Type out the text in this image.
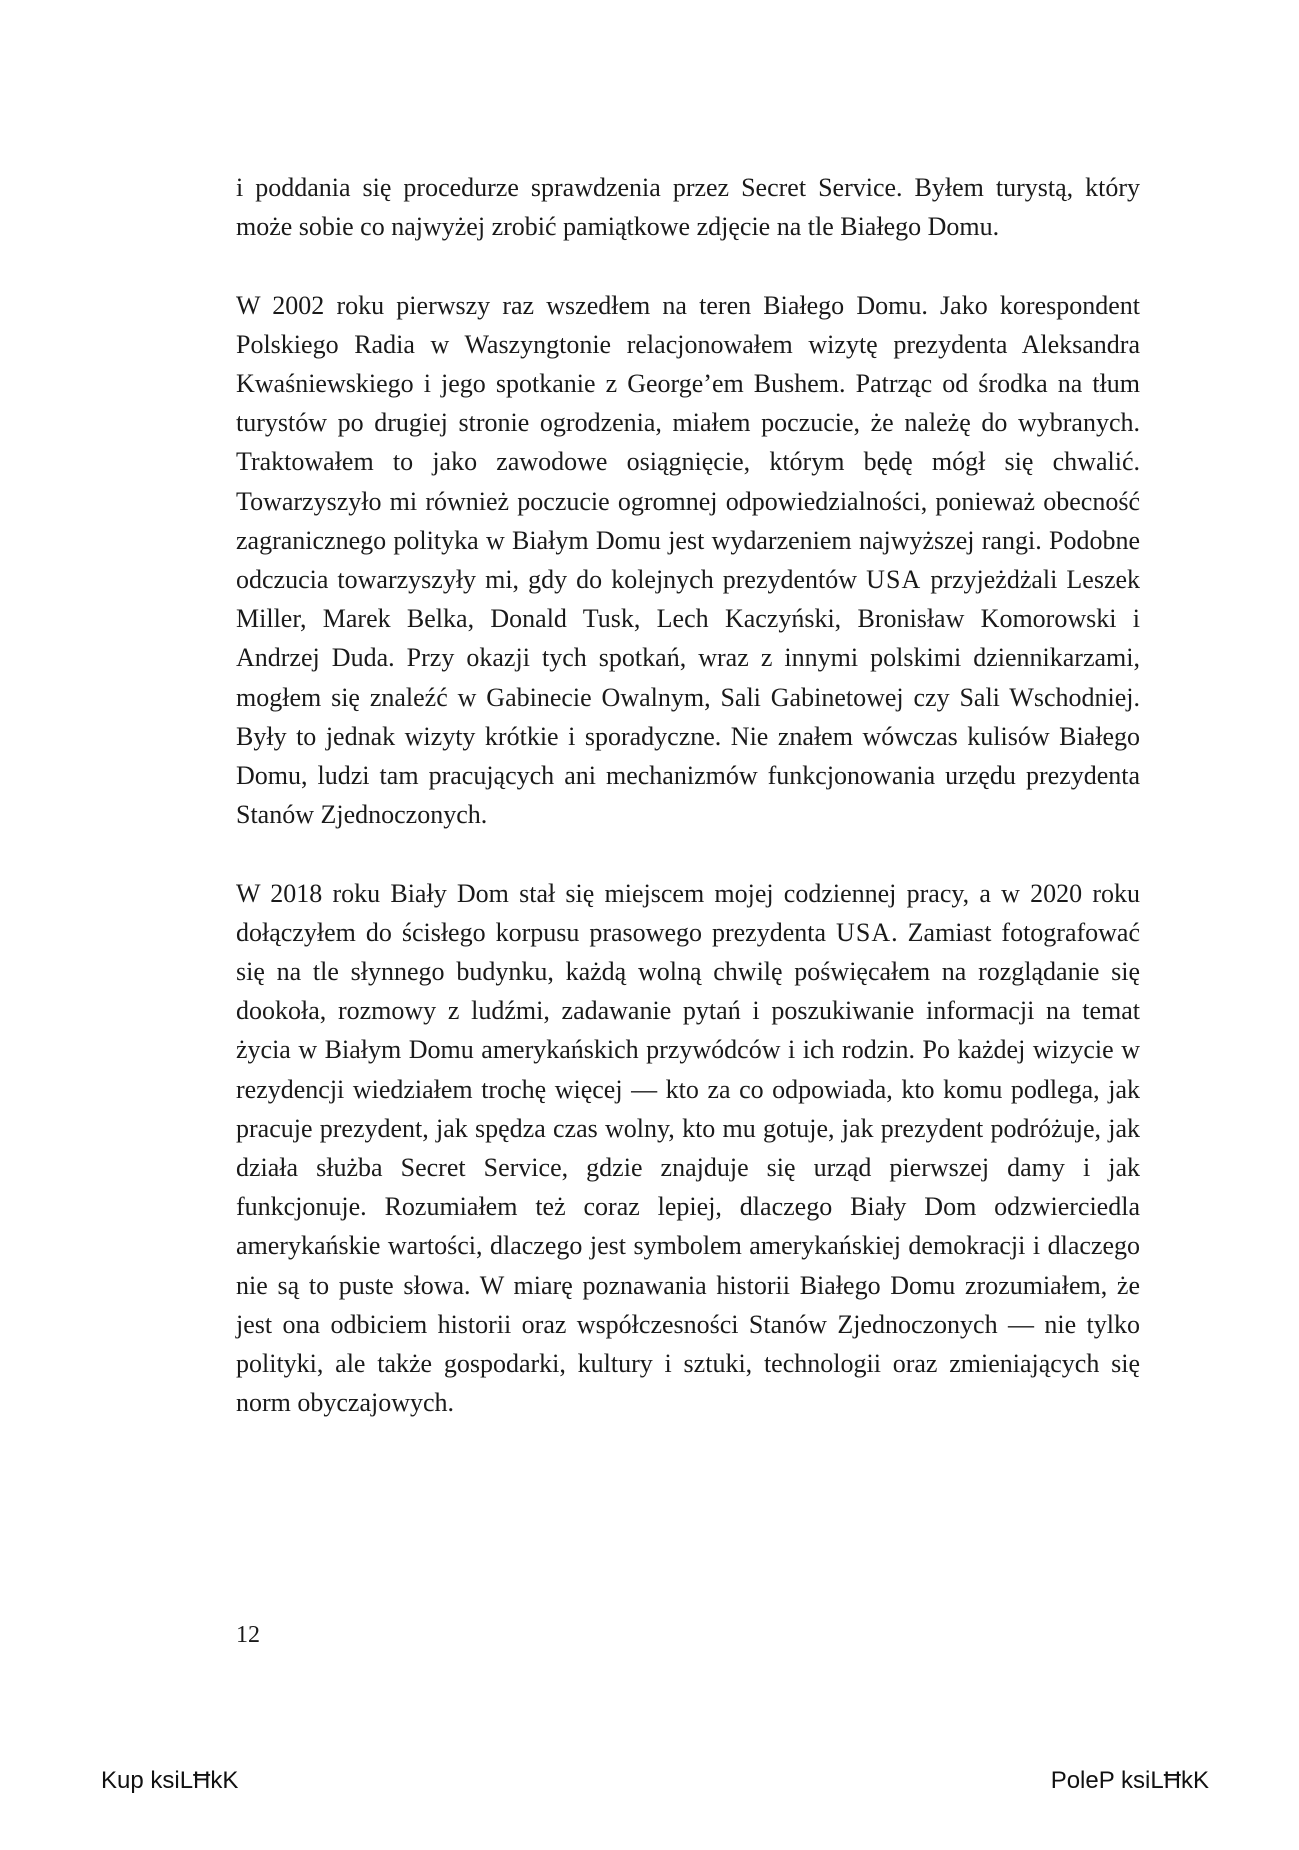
i poddania się procedurze sprawdzenia przez Secret Service. Byłem turystą, który może sobie co najwyżej zrobić pamiątkowe zdjęcie na tle Białego Domu.

W 2002 roku pierwszy raz wszedłem na teren Białego Domu. Jako korespondent Polskiego Radia w Waszyngtonie relacjonowałem wizytę prezydenta Aleksandra Kwaśniewskiego i jego spotkanie z George’em Bushem. Patrząc od środka na tłum turystów po drugiej stronie ogrodzenia, miałem poczucie, że należę do wybranych. Traktowałem to jako zawodowe osiągnięcie, którym będę mógł się chwalić. Towarzyszyło mi również poczucie ogromnej odpowiedzialności, ponieważ obecność zagranicznego polityka w Białym Domu jest wydarzeniem najwyższej rangi. Podobne odczucia towarzyszyły mi, gdy do kolejnych prezydentów USA przyjeżdżali Leszek Miller, Marek Belka, Donald Tusk, Lech Kaczyński, Bronisław Komorowski i Andrzej Duda. Przy okazji tych spotkań, wraz z innymi polskimi dziennikarzami, mogłem się znaleźć w Gabinecie Owalnym, Sali Gabinetowej czy Sali Wschodniej. Były to jednak wizyty krótkie i sporadyczne. Nie znałem wówczas kulisów Białego Domu, ludzi tam pracujących ani mechanizmów funkcjonowania urzędu prezydenta Stanów Zjednoczonych.

W 2018 roku Biały Dom stał się miejscem mojej codziennej pracy, a w 2020 roku dołączyłem do ścisłego korpusu prasowego prezydenta USA. Zamiast fotografować się na tle słynnego budynku, każdą wolną chwilę poświęcałem na rozglądanie się dookoła, rozmowy z ludźmi, zadawanie pytań i poszukiwanie informacji na temat życia w Białym Domu amerykańskich przywódców i ich rodzin. Po każdej wizycie w rezydencji wiedziałem trochę więcej — kto za co odpowiada, kto komu podlega, jak pracuje prezydent, jak spędza czas wolny, kto mu gotuje, jak prezydent podróżuje, jak działa służba Secret Service, gdzie znajduje się urząd pierwszej damy i jak funkcjonuje. Rozumiałem też coraz lepiej, dlaczego Biały Dom odzwierciedla amerykańskie wartości, dlaczego jest symbolem amerykańskiej demokracji i dlaczego nie są to puste słowa. W miarę poznawania historii Białego Domu zrozumiałem, że jest ona odbiciem historii oraz współczesności Stanów Zjednoczonych — nie tylko polityki, ale także gospodarki, kultury i sztuki, technologii oraz zmieniających się norm obyczajowych.

12
Kup ksiLĦkK	PoleP ksiLĦkK
